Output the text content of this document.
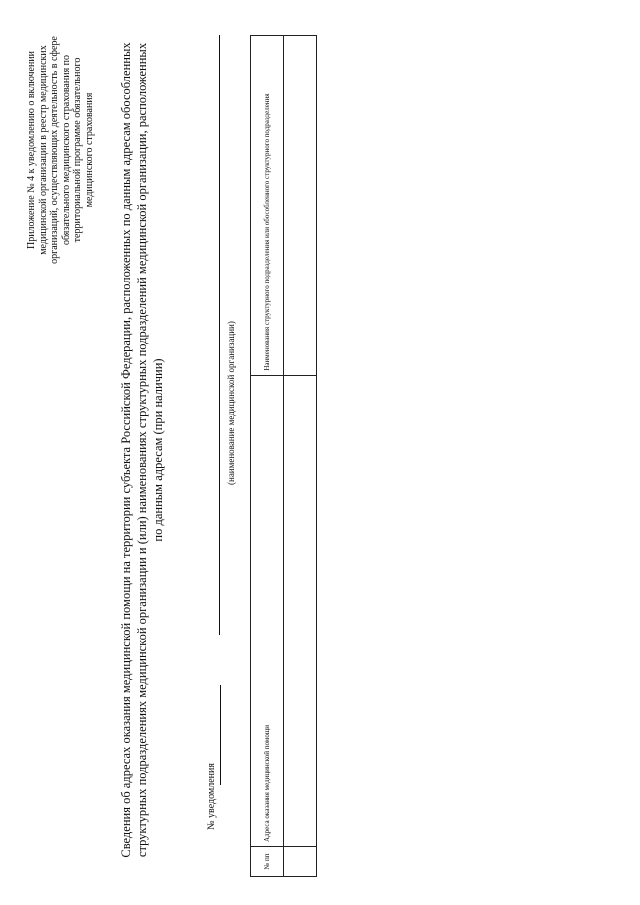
Приложение № 4 к уведомлению о включении медицинской организации в реестр медицинских организаций, осуществляющих деятельность в сфере обязательного медицинского страхования по территориальной программе обязательного медицинского страхования Сведения об адресах оказания медицинской помощи на территории субъекта Российской Федерации, расположенных по данным адресам обособленных структурных подразделениях медицинской организации и (или) наименованиях структурных подразделений медицинской организации, расположенных по данным адресам (при наличии)
№ уведомления
(наименование медицинской организации)
№ пп	Адреса оказания медицинской помощи	Наименования структурного подразделения или обособленного структурного подразделения
